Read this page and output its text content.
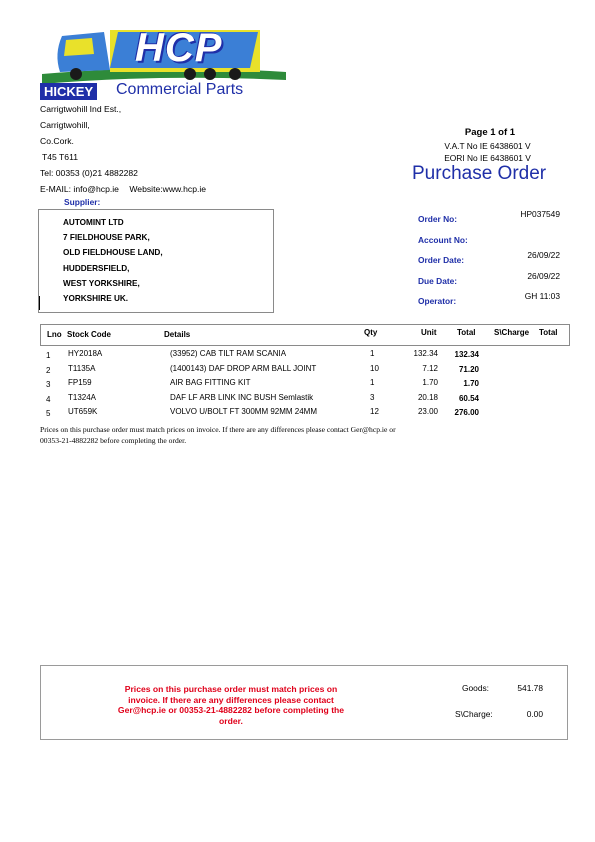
HCP
HICKEY Commercial Parts
Carrigtwohill Ind Est.,
Carrigtwohill,
Co.Cork.
T45 T611
Tel: 00353 (0)21 4882282
E-MAIL: info@hcp.ie Website:www.hcp.ie
Page 1 of 1
V.A.T No IE 6438601 V
EORI No IE 6438601 V
Purchase Order
Supplier:
AUTOMINT LTD
7 FIELDHOUSE PARK,
OLD FIELDHOUSE LAND,
HUDDERSFIELD,
WEST YORKSHIRE,
YORKSHIRE UK.
Order No:	HP037549
Account No:
Order Date:	26/09/22
Due Date:	26/09/22
Operator:	GH 11:03
Lno Stock Code	Details	Qty	Unit	Total S\Charge Total
1 HY2018A	(33952) CAB TILT RAM SCANIA	1	132.34	132.34
2 T1135A	(1400143) DAF DROP ARM BALL JOINT	10	7.12	71.20
3 FP159	AIR BAG FITTING KIT	1	1.70	1.70
4 T1324A	DAF LF ARB LINK INC BUSH Semlastik	3	20.18	60.54
5 UT659K	VOLVO U/BOLT FT 300MM 92MM 24MM	12	23.00	276.00
Prices on this purchase order must match prices on invoice. If there are any differences please contact Ger@hcp.ie or
00353-21-4882282 before completing the order.
Prices on this purchase order must match prices on
invoice. If there are any differences please contact
Ger@hcp.ie or 00353-21-4882282 before completing the
order.
Goods:	541.78
S\Charge:	0.00
